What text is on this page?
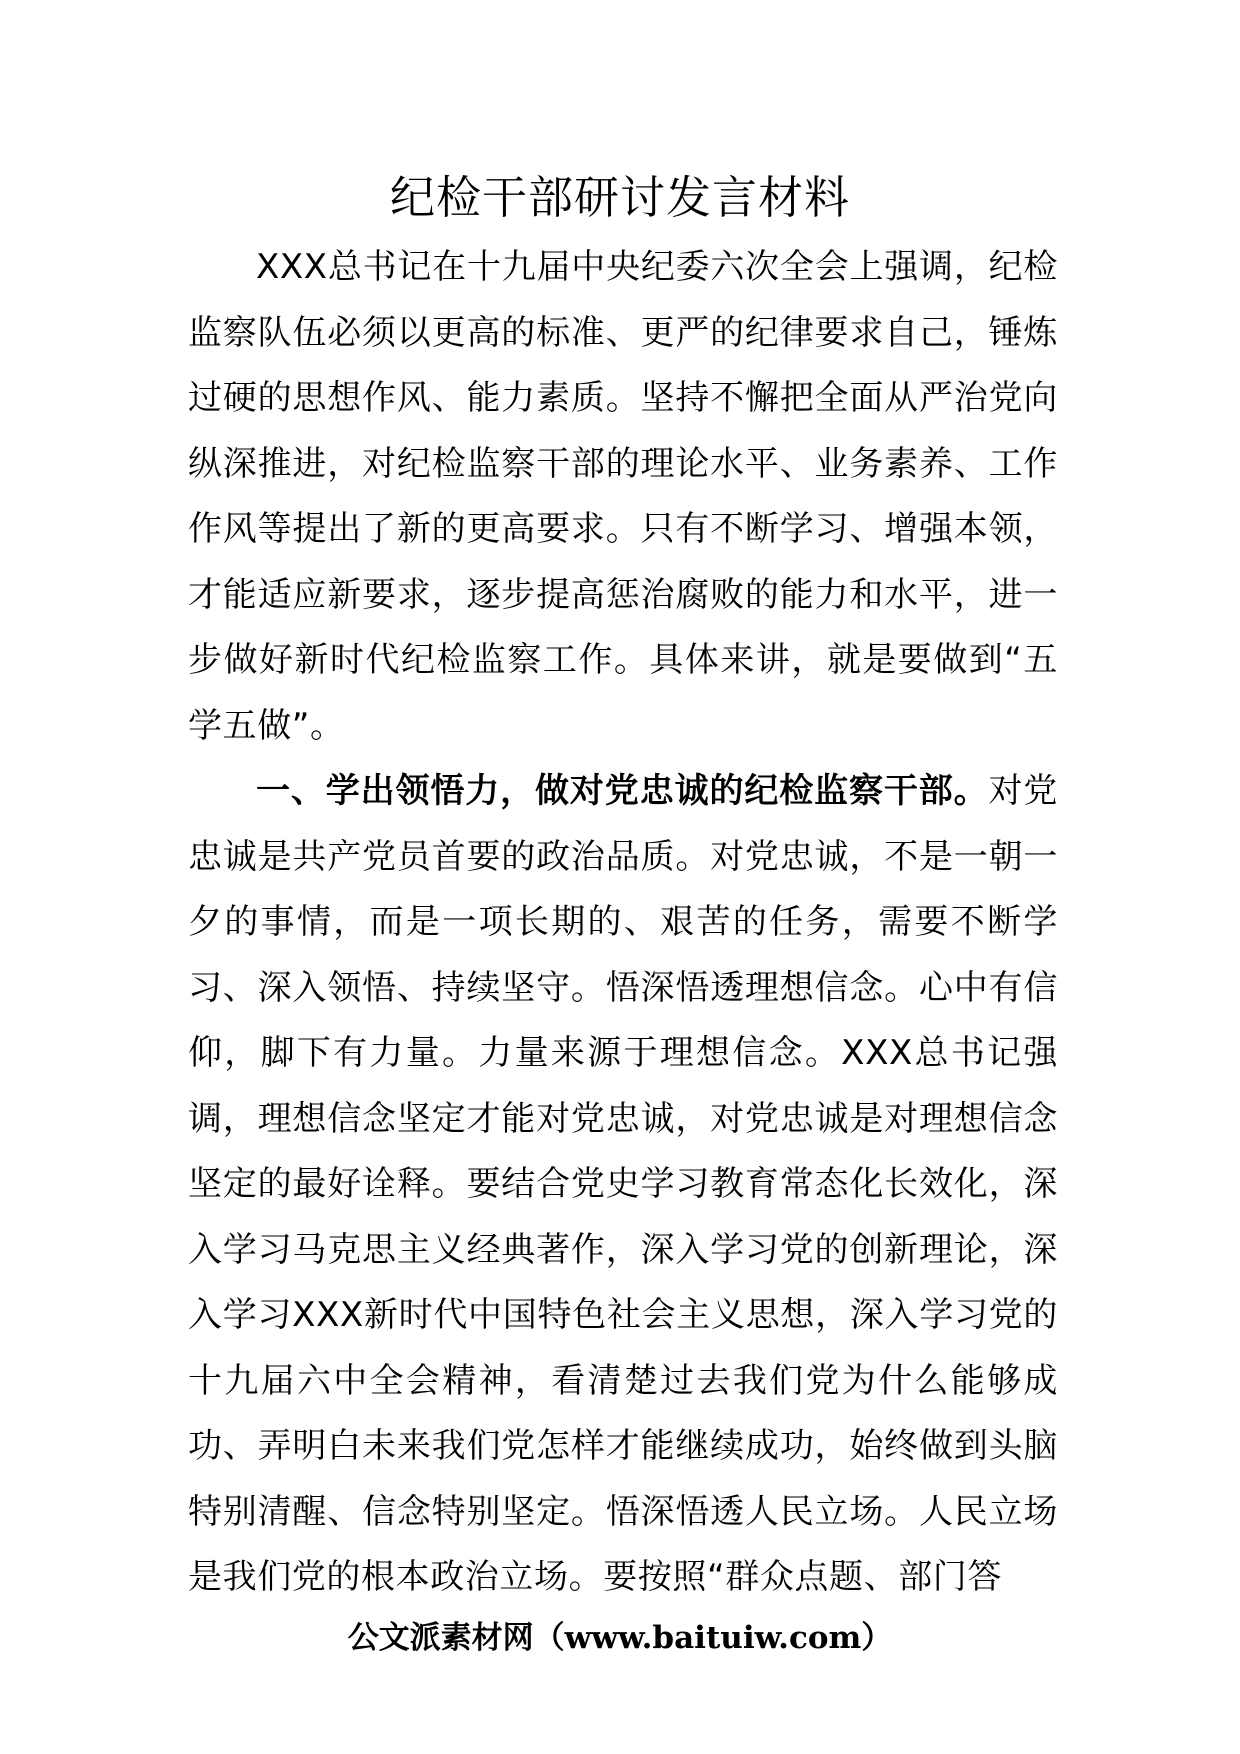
纪检干部研讨发言材料

XXX总书记在十九届中央纪委六次全会上强调，纪检监察队伍必须以更高的标准、更严的纪律要求自己，锤炼过硬的思想作风、能力素质。坚持不懈把全面从严治党向纵深推进，对纪检监察干部的理论水平、业务素养、工作作风等提出了新的更高要求。只有不断学习、增强本领，才能适应新要求，逐步提高惩治腐败的能力和水平，进一步做好新时代纪检监察工作。具体来讲，就是要做到“五学五做”。

一、学出领悟力，做对党忠诚的纪检监察干部。对党忠诚是共产党员首要的政治品质。对党忠诚，不是一朝一夕的事情，而是一项长期的、艰苦的任务，需要不断学习、深入领悟、持续坚守。悟深悟透理想信念。心中有信仰，脚下有力量。力量来源于理想信念。XXX总书记强调，理想信念坚定才能对党忠诚，对党忠诚是对理想信念坚定的最好诠释。要结合党史学习教育常态化长效化，深入学习马克思主义经典著作，深入学习党的创新理论，深入学习XXX新时代中国特色社会主义思想，深入学习党的十九届六中全会精神，看清楚过去我们党为什么能够成功、弄明白未来我们党怎样才能继续成功，始终做到头脑特别清醒、信念特别坚定。悟深悟透人民立场。人民立场是我们党的根本政治立场。要按照“群众点题、部门答

公文派素材网（www.baituiw.com）
